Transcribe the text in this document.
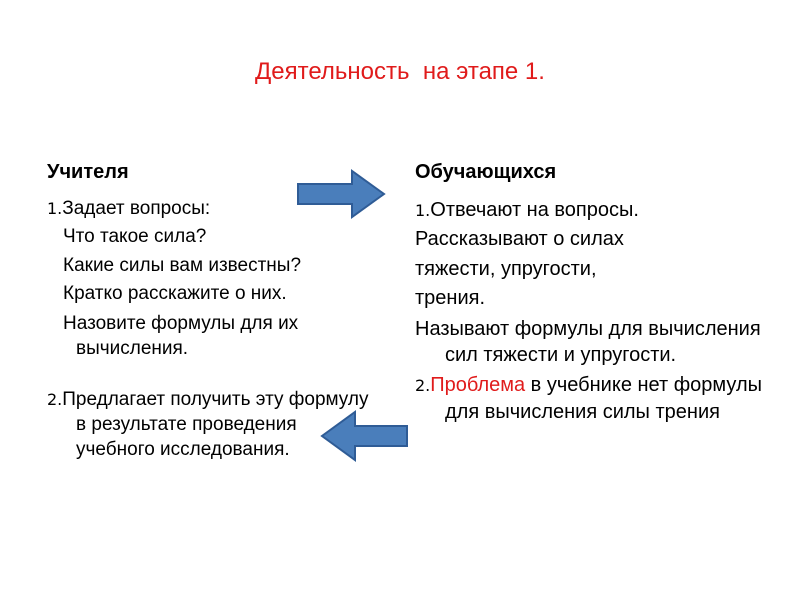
Деятельность  на этапе 1.
Учителя
1.Задает вопросы:
Что такое сила?
Какие силы вам известны?
Кратко расскажите о них.
Назовите формулы для их вычисления.
2.Предлагает получить эту формулу в результате проведения учебного исследования.
Обучающихся
1.Отвечают на вопросы.
Рассказывают о силах
тяжести, упругости,
трения.
Называют формулы для вычисления сил тяжести и упругости.
2.Проблема в учебнике нет формулы для вычисления силы трения
